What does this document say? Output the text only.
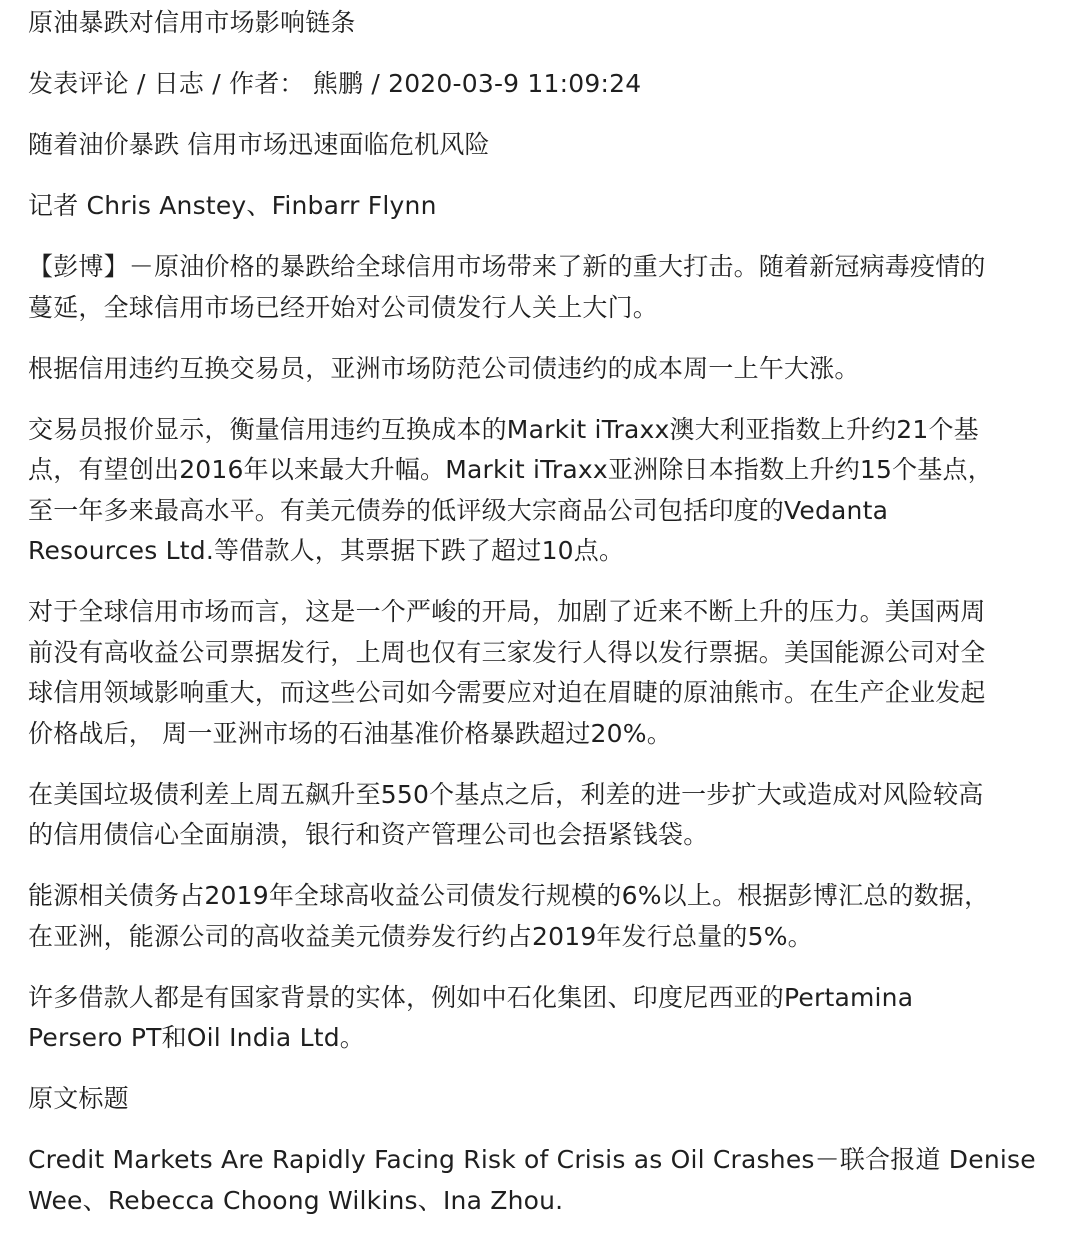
原油暴跌对信用市场影响链条

发表评论 / 日志 / 作者： 熊鹏 / 2020-03-9 11:09:24

随着油价暴跌 信用市场迅速面临危机风险

记者 Chris Anstey、Finbarr Flynn

【彭博】－原油价格的暴跌给全球信用市场带来了新的重大打击。随着新冠病毒疫情的

蔓延，全球信用市场已经开始对公司债发行人关上大门。

根据信用违约互换交易员，亚洲市场防范公司债违约的成本周一上午大涨。

交易员报价显示，衡量信用违约互换成本的Markit iTraxx澳大利亚指数上升约21个基

点，有望创出2016年以来最大升幅。Markit iTraxx亚洲除日本指数上升约15个基点，

至一年多来最高水平。有美元债券的低评级大宗商品公司包括印度的Vedanta

Resources Ltd.等借款人，其票据下跌了超过10点。

对于全球信用市场而言，这是一个严峻的开局，加剧了近来不断上升的压力。美国两周

前没有高收益公司票据发行，上周也仅有三家发行人得以发行票据。美国能源公司对全

球信用领域影响重大，而这些公司如今需要应对迫在眉睫的原油熊市。在生产企业发起

价格战后， 周一亚洲市场的石油基准价格暴跌超过20%。

在美国垃圾债利差上周五飙升至550个基点之后，利差的进一步扩大或造成对风险较高

的信用债信心全面崩溃，银行和资产管理公司也会捂紧钱袋。

能源相关债务占2019年全球高收益公司债发行规模的6%以上。根据彭博汇总的数据，

在亚洲，能源公司的高收益美元债券发行约占2019年发行总量的5%。

许多借款人都是有国家背景的实体，例如中石化集团、印度尼西亚的Pertamina

Persero PT和Oil India Ltd。

原文标题

Credit Markets Are Rapidly Facing Risk of Crisis as Oil Crashes－联合报道 Denise

Wee、Rebecca Choong Wilkins、Ina Zhou.
